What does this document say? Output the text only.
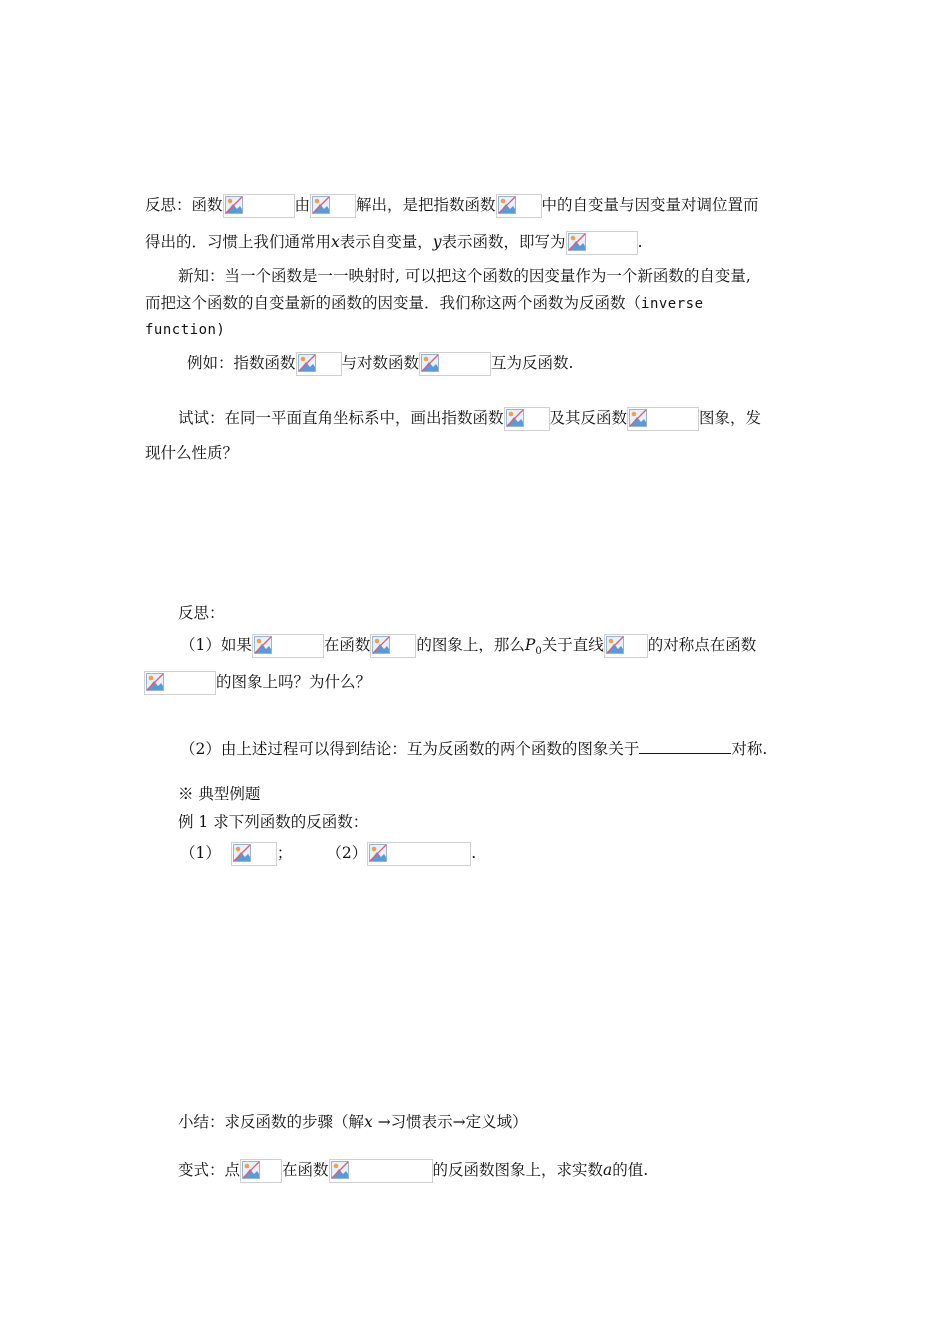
反思：函数	由	解出，是把指数函数	中的自变量与因变量对调位置而
得出的．习惯上我们通常用x表示自变量，y表示函数，即写为	.
新知：当一个函数是一一映射时, 可以把这个函数的因变量作为一个新函数的自变量,
而把这个函数的自变量新的函数的因变量．我们称这两个函数为反函数（inverse
function)
例如：指数函数	与对数函数	互为反函数.
试试：在同一平面直角坐标系中，画出指数函数	及其反函数	图象，发
现什么性质？
反思：
（1）如果	在函数	的图象上，那么$P_0$关于直线	的对称点在函数
的图象上吗？为什么？
（2）由上述过程可以得到结论：互为反函数的两个函数的图象关于	对称.
※ 典型例题
例 1 求下列函数的反函数：
（1）	； （2）	.
小结：求反函数的步骤（解x →习惯表示→定义域）
变式：点	在函数	的反函数图象上，求实数a的值.
